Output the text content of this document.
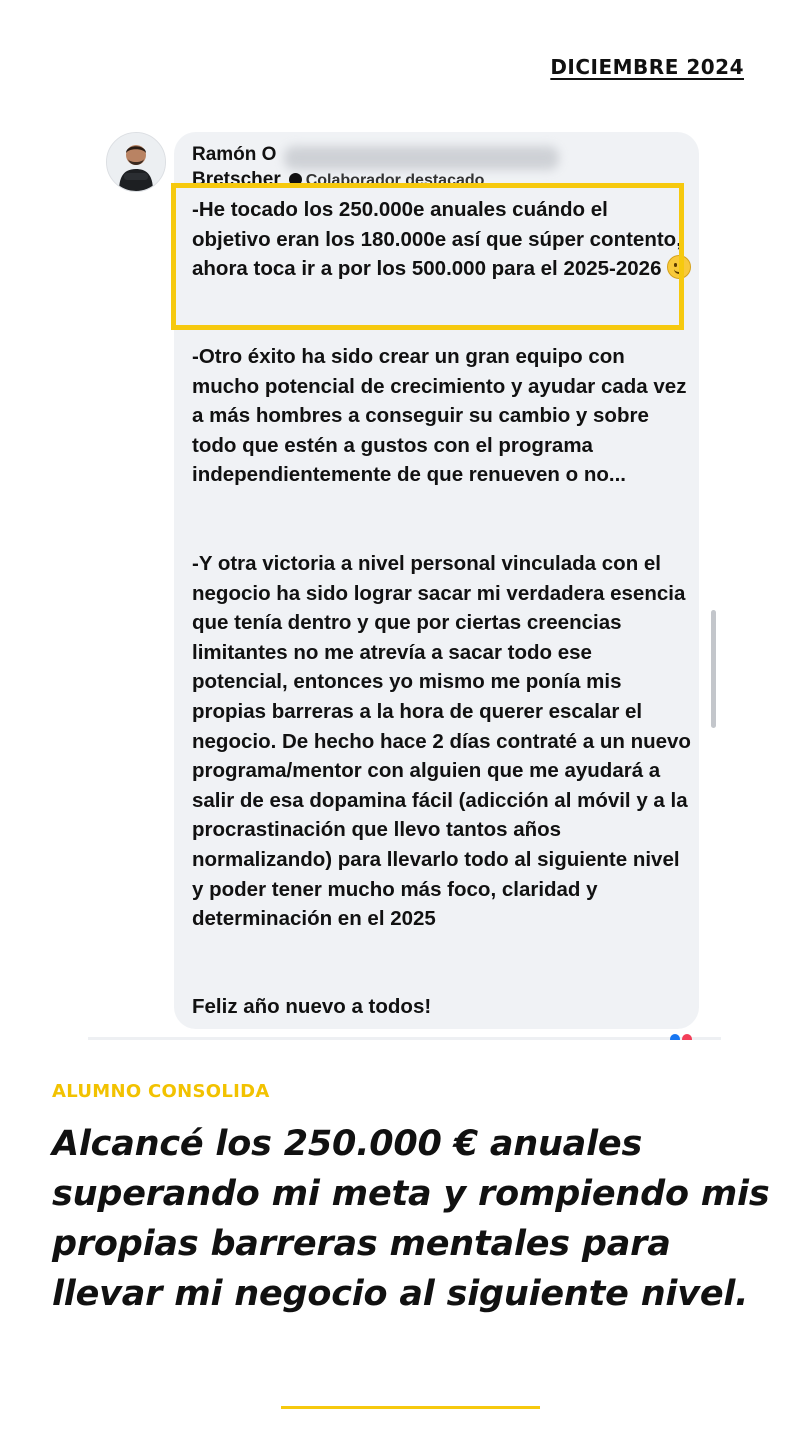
DICIEMBRE 2024
Ramón O
Bretscher Colaborador destacado

-He tocado los 250.000e anuales cuándo el objetivo eran los 180.000e así que súper contento, ahora toca ir a por los 500.000 para el 2025-2026

-Otro éxito ha sido crear un gran equipo con mucho potencial de crecimiento y ayudar cada vez a más hombres a conseguir su cambio y sobre todo que estén a gustos con el programa independientemente de que renueven o no...

-Y otra victoria a nivel personal vinculada con el negocio ha sido lograr sacar mi verdadera esencia que tenía dentro y que por ciertas creencias limitantes no me atrevía a sacar todo ese potencial, entonces yo mismo me ponía mis propias barreras a la hora de querer escalar el negocio. De hecho hace 2 días contraté a un nuevo programa/mentor con alguien que me ayudará a salir de esa dopamina fácil (adicción al móvil y a la procrastinación que llevo tantos años normalizando) para llevarlo todo al siguiente nivel y poder tener mucho más foco, claridad y determinación en el 2025

Feliz año nuevo a todos!

ALUMNO CONSOLIDA

Alcancé los 250.000 € anuales superando mi meta y rompiendo mis propias barreras mentales para llevar mi negocio al siguiente nivel.
